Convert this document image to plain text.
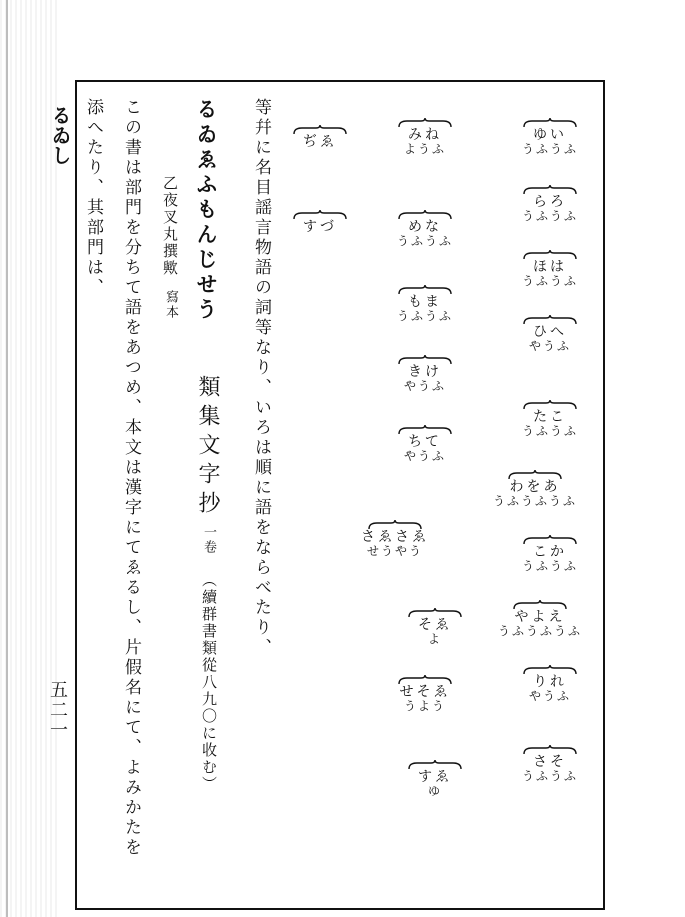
るゐし

五二一

ゆい
うふうふ
らろ
うふうふ
ほは
うふうふ
ひへ
やうふ
たこ
うふうふ
わをあ
うふうふうふ
こか
うふうふ
やよえ
うふうふうふ
りれ
やうふ
さそ
うふうふ
みね
ようふ
めな
うふうふ
もま
うふうふ
きけ
やうふ
ちて
やうふ
さゑさゑ
せうやう
そゑ
よ
せそゑ
うよう
すゑ
ゆ
ぢゑ
すづ

等幷に名目謡言物語の詞等なり、いろは順に語をならべたり、

るゐゑふもんじせう

類集文字抄

一卷

（續群書類從八九〇に收む）

乙夜叉丸撰歟

寫本

この書は部門を分ちて語をあつめ、本文は漢字にてゑるし、片假名にて、よみかたを

添へたり、其部門は、
